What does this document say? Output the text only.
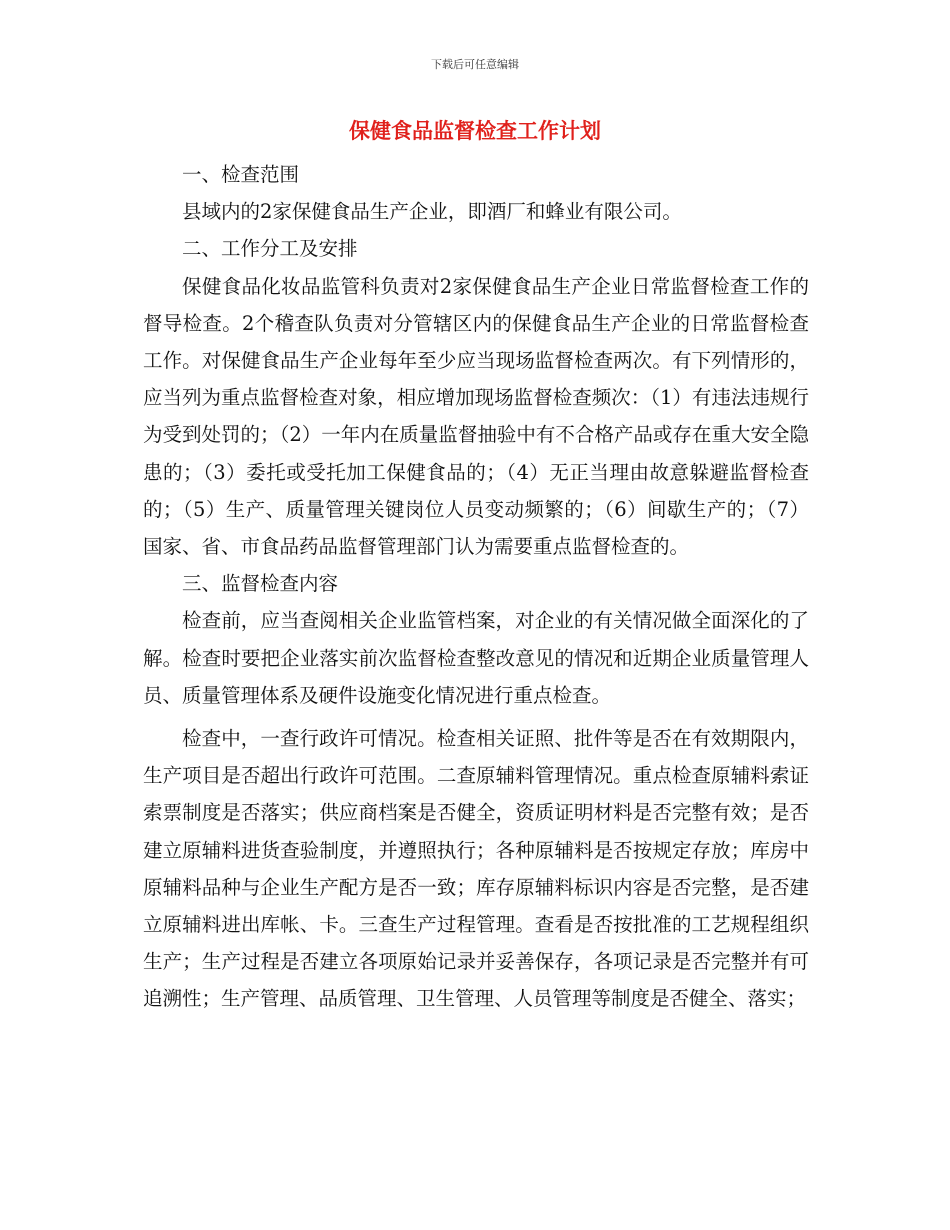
下载后可任意编辑
保健食品监督检查工作计划

一、检查范围

县域内的2家保健食品生产企业，即酒厂和蜂业有限公司。

二、工作分工及安排

保健食品化妆品监管科负责对2家保健食品生产企业日常监督检查工作的督导检查。2个稽查队负责对分管辖区内的保健食品生产企业的日常监督检查工作。对保健食品生产企业每年至少应当现场监督检查两次。有下列情形的，应当列为重点监督检查对象，相应增加现场监督检查频次：（1）有违法违规行为受到处罚的；（2）一年内在质量监督抽验中有不合格产品或存在重大安全隐患的；（3）委托或受托加工保健食品的；（4）无正当理由故意躲避监督检查的；（5）生产、质量管理关键岗位人员变动频繁的；（6）间歇生产的；（7）国家、省、市食品药品监督管理部门认为需要重点监督检查的。

三、监督检查内容

检查前，应当查阅相关企业监管档案，对企业的有关情况做全面深化的了解。检查时要把企业落实前次监督检查整改意见的情况和近期企业质量管理人员、质量管理体系及硬件设施变化情况进行重点检查。

检查中，一查行政许可情况。检查相关证照、批件等是否在有效期限内，生产项目是否超出行政许可范围。二查原辅料管理情况。重点检查原辅料索证索票制度是否落实；供应商档案是否健全，资质证明材料是否完整有效；是否建立原辅料进货查验制度，并遵照执行；各种原辅料是否按规定存放；库房中原辅料品种与企业生产配方是否一致；库存原辅料标识内容是否完整，是否建立原辅料进出库帐、卡。三查生产过程管理。查看是否按批准的工艺规程组织生产；生产过程是否建立各项原始记录并妥善保存，各项记录是否完整并有可追溯性；生产管理、品质管理、卫生管理、人员管理等制度是否健全、落实；
